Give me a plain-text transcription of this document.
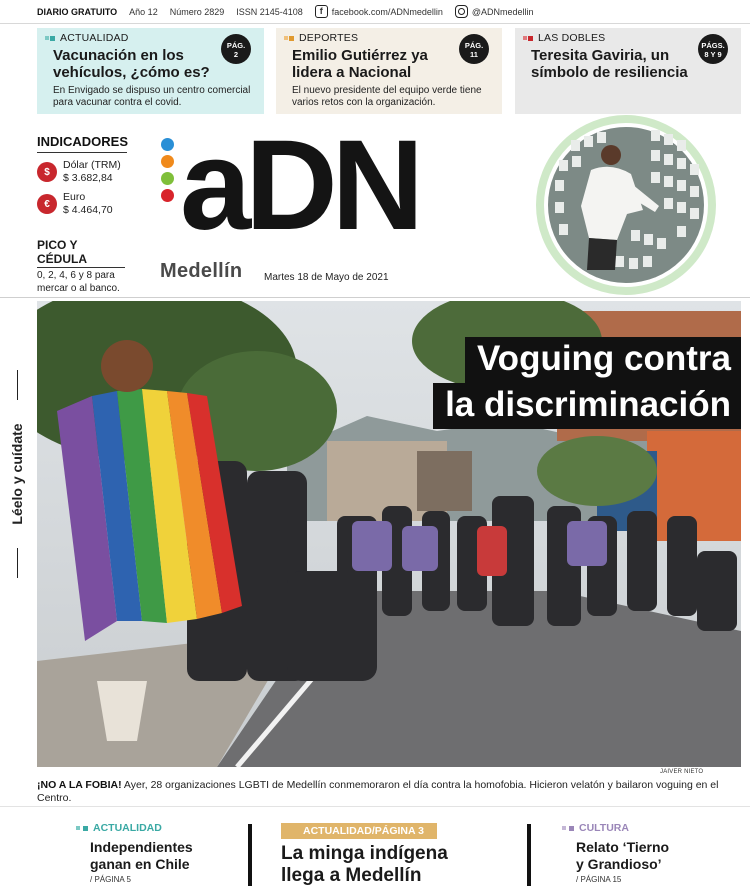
DIARIO GRATUITO Año 12 Número 2829 ISSN 2145-4108	f	facebook.com/ADNmedellin	@ADNmedellin
ACTUALIDAD
Vacunación en los vehículos, ¿cómo es?
En Envigado se dispuso un centro comercial para vacunar contra el covid.
PÁG.
2
DEPORTES
Emilio Gutiérrez ya lidera a Nacional
El nuevo presidente del equipo verde tiene varios retos con la organización.
PÁG.
11
LAS DOBLES
Teresita Gaviria, un símbolo de resiliencia
PÁGS.
8 Y 9
INDICADORES
$
Dólar (TRM)
$ 3.682,84
€
Euro
$ 4.464,70
PICO Y CÉDULA
0, 2, 4, 6 y 8 para mercar o al banco.
aDN
Medellín Martes 18 de Mayo de 2021
Léelo y cuídate
Voguing contra
la discriminación
JAIVER NIETO
¡NO A LA FOBIA! Ayer, 28 organizaciones LGBTI de Medellín conmemoraron el día contra la homofobia. Hicieron velatón y bailaron voguing en el Centro.
ACTUALIDAD
Independientes
ganan en Chile
/ PÁGINA 5
ACTUALIDAD/PÁGINA 3
La minga indígena
llega a Medellín
CULTURA
Relato ‘Tierno
y Grandioso’
/ PÁGINA 15
